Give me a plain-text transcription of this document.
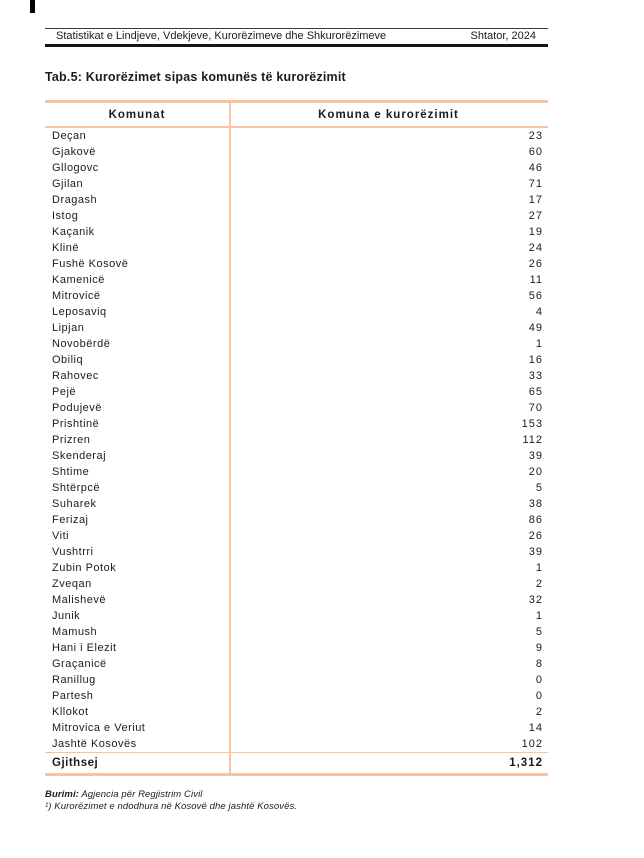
Statistikat e Lindjeve, Vdekjeve, Kurorëzimeve dhe Shkurorëzimeve	Shtator, 2024
Tab.5: Kurorëzimet sipas komunës të kurorëzimit
Komunat	Komuna e kurorëzimit
Deçan	23
Gjakovë	60
Gllogovc	46
Gjilan	71
Dragash	17
Istog	27
Kaçanik	19
Klinë	24
Fushë Kosovë	26
Kamenicë	11
Mitrovicë	56
Leposaviq	4
Lipjan	49
Novobërdë	1
Obiliq	16
Rahovec	33
Pejë	65
Podujevë	70
Prishtinë	153
Prizren	112
Skenderaj	39
Shtime	20
Shtërpcë	5
Suharek	38
Ferizaj	86
Viti	26
Vushtrri	39
Zubin Potok	1
Zveqan	2
Malishevë	32
Junik	1
Mamush	5
Hani i Elezit	9
Graçanicë	8
Ranillug	0
Partesh	0
Kllokot	2
Mitrovica e Veriut	14
Jashtë Kosovës	102
Gjithsej	1,312
Burimi: Agjencia për Regjistrim Civil
¹) Kurorëzimet e ndodhura në Kosovë dhe jashtë Kosovës.
